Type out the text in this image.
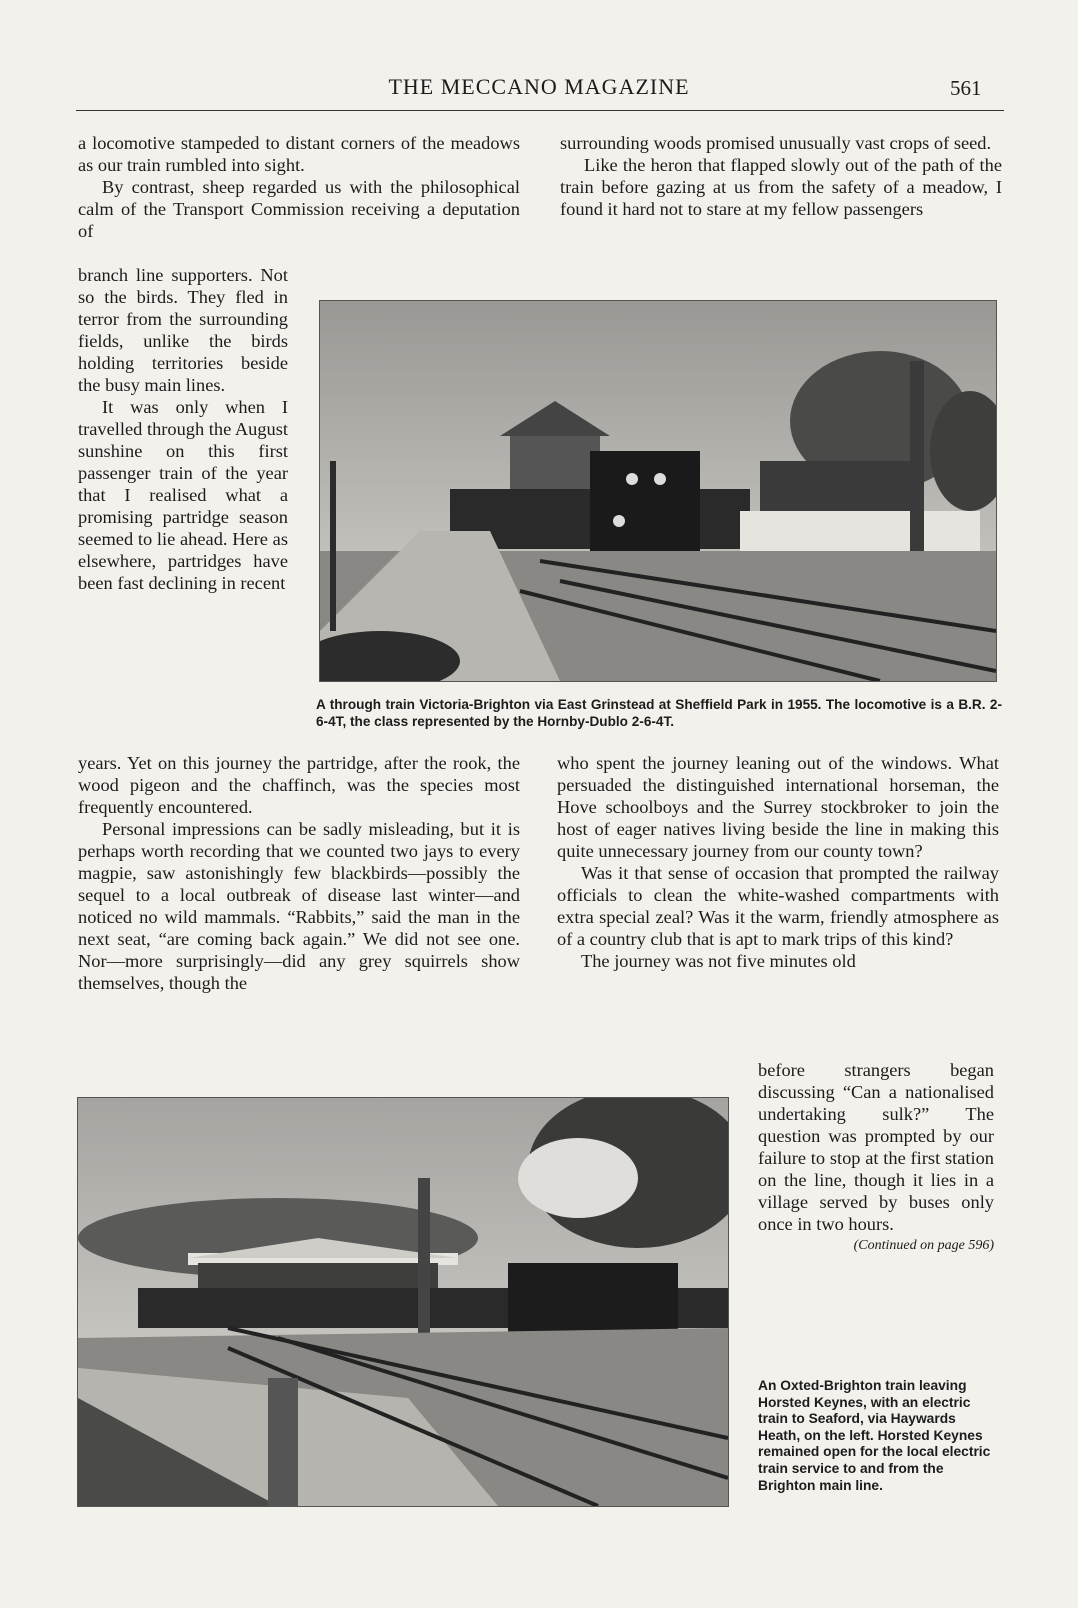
THE MECCANO MAGAZINE	561

a locomotive stampeded to distant corners of the meadows as our train rumbled into sight.

By contrast, sheep regarded us with the philosophical calm of the Transport Commission receiving a deputation of

branch line supporters. Not so the birds. They fled in terror from the surrounding fields, unlike the birds holding territories beside the busy main lines.

It was only when I travelled through the August sunshine on this first passenger train of the year that I realised what a promising partridge season seemed to lie ahead. Here as elsewhere, partridges have been fast declining in recent

years. Yet on this journey the partridge, after the rook, the wood pigeon and the chaffinch, was the species most frequently encountered.

Personal impressions can be sadly misleading, but it is perhaps worth recording that we counted two jays to every magpie, saw astonishingly few blackbirds—possibly the sequel to a local outbreak of disease last winter—and noticed no wild mammals. “Rabbits,” said the man in the next seat, “are coming back again.” We did not see one. Nor—more surprisingly—did any grey squirrels show themselves, though the

surrounding woods promised unusually vast crops of seed.

Like the heron that flapped slowly out of the path of the train before gazing at us from the safety of a meadow, I found it hard not to stare at my fellow passengers

A through train Victoria-Brighton via East Grinstead at Sheffield Park in 1955. The locomotive is a B.R. 2-6-4T, the class represented by the Hornby-Dublo 2-6-4T.

who spent the journey leaning out of the windows. What persuaded the distinguished international horseman, the Hove schoolboys and the Surrey stockbroker to join the host of eager natives living beside the line in making this quite unnecessary journey from our county town?

Was it that sense of occasion that prompted the railway officials to clean the white-washed compartments with extra special zeal? Was it the warm, friendly atmosphere as of a country club that is apt to mark trips of this kind?

The journey was not five minutes old

before strangers began discussing “Can a nationalised undertaking sulk?” The question was prompted by our failure to stop at the first station on the line, though it lies in a village served by buses only once in two hours.

(Continued on page 596)

An Oxted-Brighton train leaving Horsted Keynes, with an electric train to Seaford, via Haywards Heath, on the left. Horsted Keynes remained open for the local electric train service to and from the Brighton main line.
